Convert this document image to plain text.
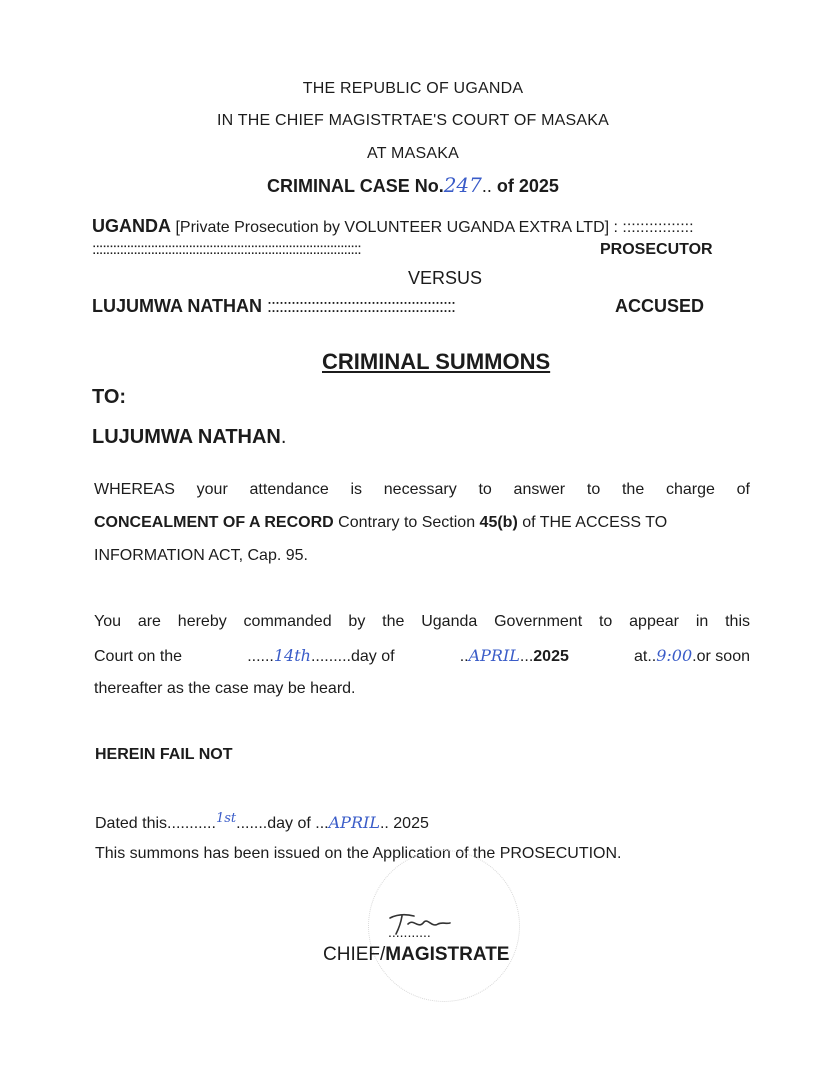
THE REPUBLIC OF UGANDA
IN THE CHIEF MAGISTRTAE'S COURT OF MASAKA
AT MASAKA
CRIMINAL CASE No.247.. of 2025
UGANDA [Private Prosecution by VOLUNTEER UGANDA EXTRA LTD] : ::::::::::::::::
::::::::::::::::::::::::::::::::::::::::::::::::::::::::::::::::::::::::::::::	PROSECUTOR
VERSUS
LUJUMWA NATHAN :::::::::::::::::::::::::::::::::::::::::::::::	ACCUSED
CRIMINAL SUMMONS
TO:
LUJUMWA NATHAN.
WHEREAS your attendance is necessary to answer to the charge of
CONCEALMENT OF A RECORD Contrary to Section 45(b) of THE ACCESS TO
INFORMATION ACT, Cap. 95.
You are hereby commanded by the Uganda Government to appear in this
Court on the	......14th.........day of	..APRIL...2025	at..9:00.or soon
thereafter as the case may be heard.
HEREIN FAIL NOT
Dated this...........$^{1st}$.......day of ...APRIL.. 2025
This summons has been issued on the Application of the PROSECUTION.
...........
CHIEF/MAGISTRATE
